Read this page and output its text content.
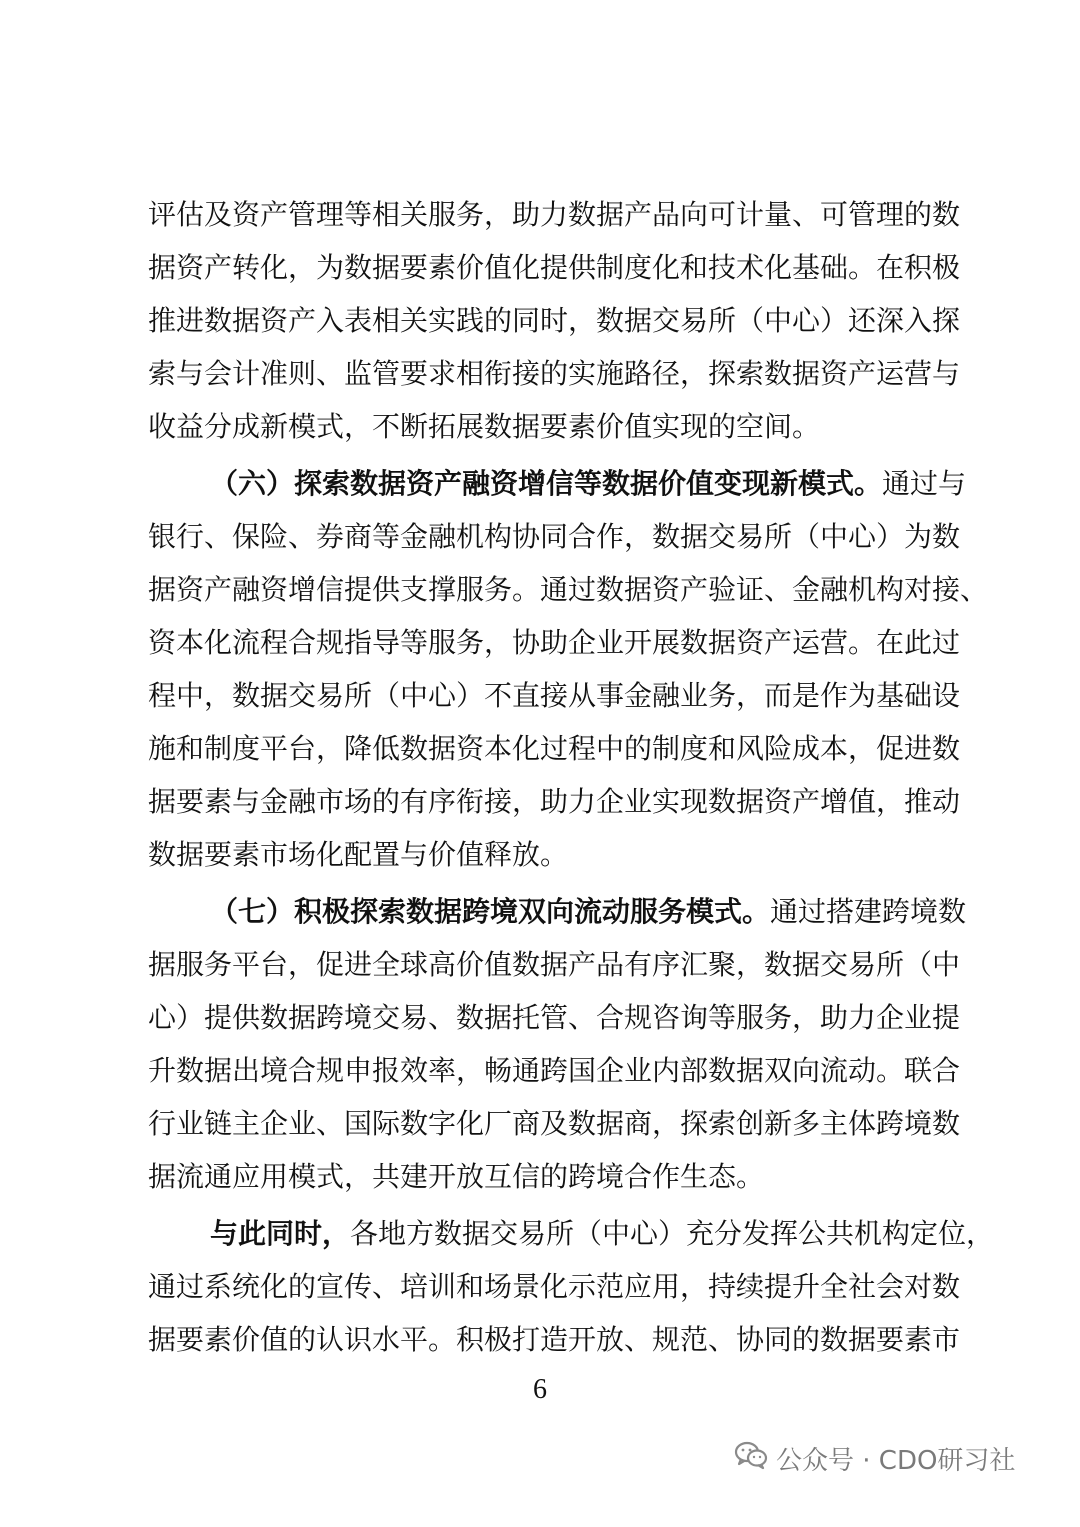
评估及资产管理等相关服务，助力数据产品向可计量、可管理的数
据资产转化，为数据要素价值化提供制度化和技术化基础。在积极
推进数据资产入表相关实践的同时，数据交易所（中心）还深入探
索与会计准则、监管要求相衔接的实施路径，探索数据资产运营与
收益分成新模式，不断拓展数据要素价值实现的空间。
（六）探索数据资产融资增信等数据价值变现新模式。通过与
银行、保险、券商等金融机构协同合作，数据交易所（中心）为数
据资产融资增信提供支撑服务。通过数据资产验证、金融机构对接、
资本化流程合规指导等服务，协助企业开展数据资产运营。在此过
程中，数据交易所（中心）不直接从事金融业务，而是作为基础设
施和制度平台，降低数据资本化过程中的制度和风险成本，促进数
据要素与金融市场的有序衔接，助力企业实现数据资产增值，推动
数据要素市场化配置与价值释放。
（七）积极探索数据跨境双向流动服务模式。通过搭建跨境数
据服务平台，促进全球高价值数据产品有序汇聚，数据交易所（中
心）提供数据跨境交易、数据托管、合规咨询等服务，助力企业提
升数据出境合规申报效率，畅通跨国企业内部数据双向流动。联合
行业链主企业、国际数字化厂商及数据商，探索创新多主体跨境数
据流通应用模式，共建开放互信的跨境合作生态。
与此同时，各地方数据交易所（中心）充分发挥公共机构定位，
通过系统化的宣传、培训和场景化示范应用，持续提升全社会对数
据要素价值的认识水平。积极打造开放、规范、协同的数据要素市
6
公众号 · CDO研习社
